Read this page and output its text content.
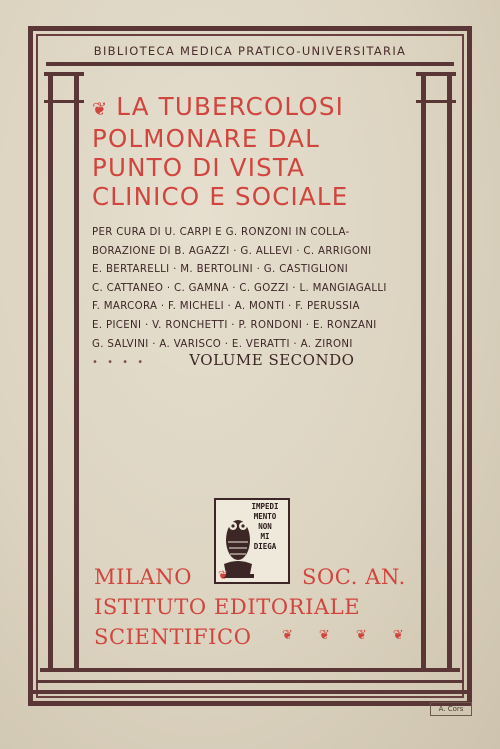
BIBLIOTECA MEDICA PRATICO-UNIVERSITARIA
❦ LA TUBERCOLOSI
POLMONARE DAL
PUNTO DI VISTA
CLINICO E SOCIALE
PER CURA DI U. CARPI E G. RONZONI IN COLLA-
BORAZIONE DI B. AGAZZI · G. ALLEVI · C. ARRIGONI
E. BERTARELLI · M. BERTOLINI · G. CASTIGLIONI
C. CATTANEO · C. GAMNA · C. GOZZI · L. MANGIAGALLI
F. MARCORA · F. MICHELI · A. MONTI · F. PERUSSIA
E. PICENI · V. RONCHETTI · P. RONDONI · E. RONZANI
G. SALVINI · A. VARISCO · E. VERATTI · A. ZIRONI
• • • •	VOLUME SECONDO
IMPEDI
MENTO
NON
MI
DIEGA
MILANO	SOC. AN.
ISTITUTO EDITORIALE
SCIENTIFICO	❦❦❦❦
❦
A. Cors
